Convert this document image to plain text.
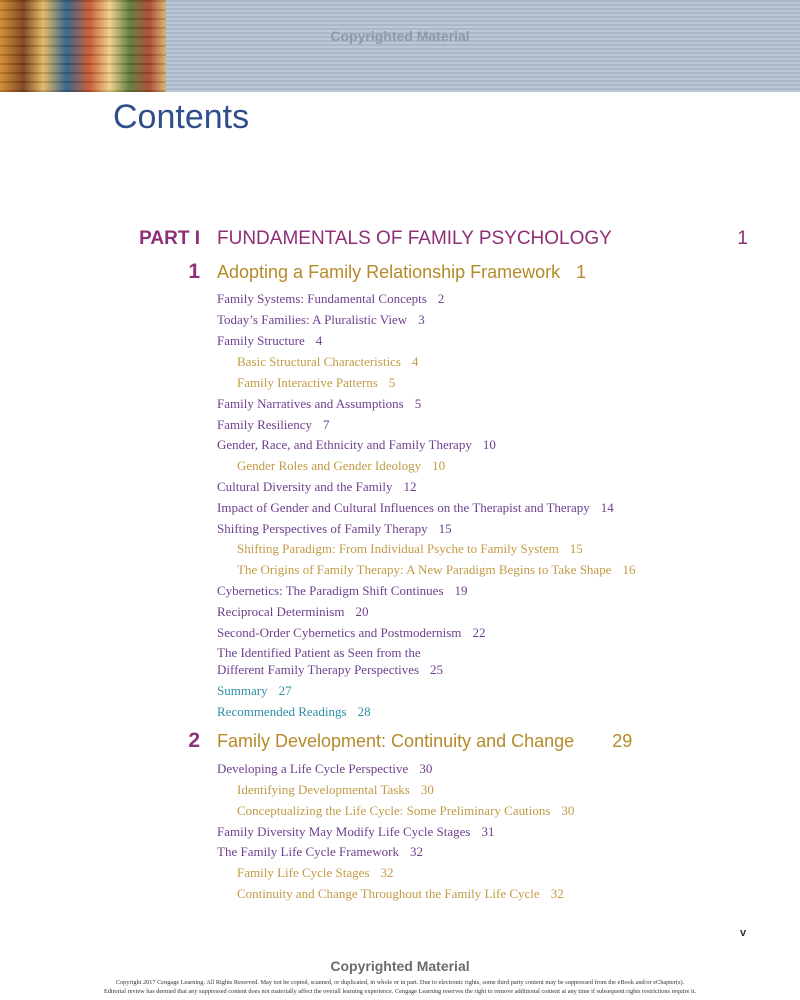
Copyrighted Material
Contents
PART I FUNDAMENTALS OF FAMILY PSYCHOLOGY	1
1 Adopting a Family Relationship Framework 1
Family Systems: Fundamental Concepts 2
Today’s Families: A Pluralistic View 3
Family Structure 4
Basic Structural Characteristics 4
Family Interactive Patterns 5
Family Narratives and Assumptions 5
Family Resiliency 7
Gender, Race, and Ethnicity and Family Therapy 10
Gender Roles and Gender Ideology 10
Cultural Diversity and the Family 12
Impact of Gender and Cultural Influences on the Therapist and Therapy 14
Shifting Perspectives of Family Therapy 15
Shifting Paradigm: From Individual Psyche to Family System 15
The Origins of Family Therapy: A New Paradigm Begins to Take Shape 16
Cybernetics: The Paradigm Shift Continues 19
Reciprocal Determinism 20
Second-Order Cybernetics and Postmodernism 22
The Identified Patient as Seen from the
Different Family Therapy Perspectives 25
Summary 27
Recommended Readings 28
2 Family Development: Continuity and Change 29
Developing a Life Cycle Perspective 30
Identifying Developmental Tasks 30
Conceptualizing the Life Cycle: Some Preliminary Cautions 30
Family Diversity May Modify Life Cycle Stages 31
The Family Life Cycle Framework 32
Family Life Cycle Stages 32
Continuity and Change Throughout the Family Life Cycle 32
v
Copyrighted Material
Copyright 2017 Cengage Learning. All Rights Reserved. May not be copied, scanned, or duplicated, in whole or in part. Due to electronic rights, some third party content may be suppressed from the eBook and/or eChapter(s).
Editorial review has deemed that any suppressed content does not materially affect the overall learning experience. Cengage Learning reserves the right to remove additional content at any time if subsequent rights restrictions require it.
